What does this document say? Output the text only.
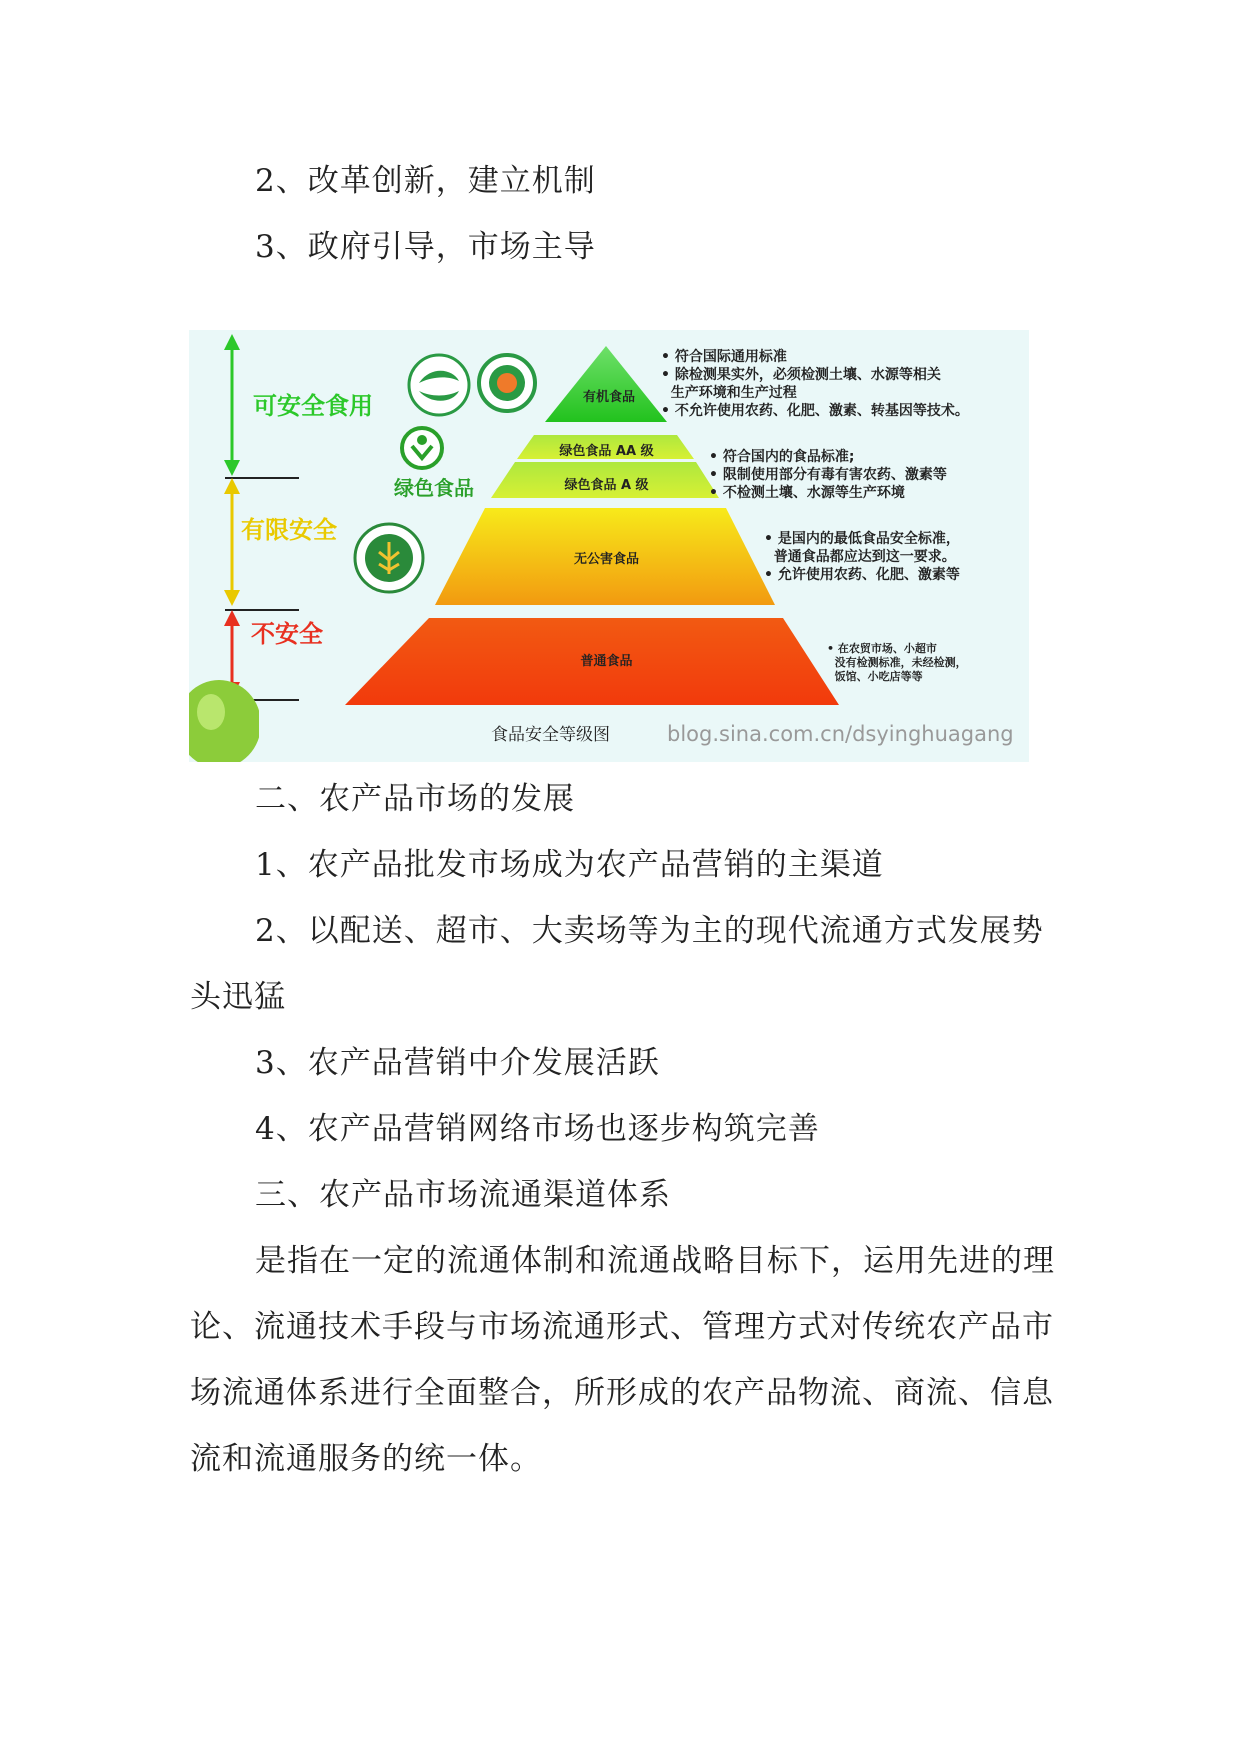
2、改革创新，建立机制

3、政府引导，市场主导

可安全食用
有限安全
不安全
绿色食品
有机食品
绿色食品 AA 级
绿色食品 A 级
无公害食品
普通食品
• 符合国际通用标准
• 除检测果实外，必须检测土壤、水源等相关
生产环境和生产过程
• 不允许使用农药、化肥、激素、转基因等技术。
• 符合国内的食品标准;
• 限制使用部分有毒有害农药、激素等
• 不检测土壤、水源等生产环境
• 是国内的最低食品安全标准，
普通食品都应达到这一要求。
• 允许使用农药、化肥、激素等
• 在农贸市场、小超市
没有检测标准，未经检测，
饭馆、小吃店等等
食品安全等级图	blog.sina.com.cn/dsyinghuagang

二、农产品市场的发展

1、农产品批发市场成为农产品营销的主渠道

2、以配送、超市、大卖场等为主的现代流通方式发展势头迅猛

3、农产品营销中介发展活跃

4、农产品营销网络市场也逐步构筑完善

三、农产品市场流通渠道体系

是指在一定的流通体制和流通战略目标下，运用先进的理论、流通技术手段与市场流通形式、管理方式对传统农产品市场流通体系进行全面整合，所形成的农产品物流、商流、信息流和流通服务的统一体。
